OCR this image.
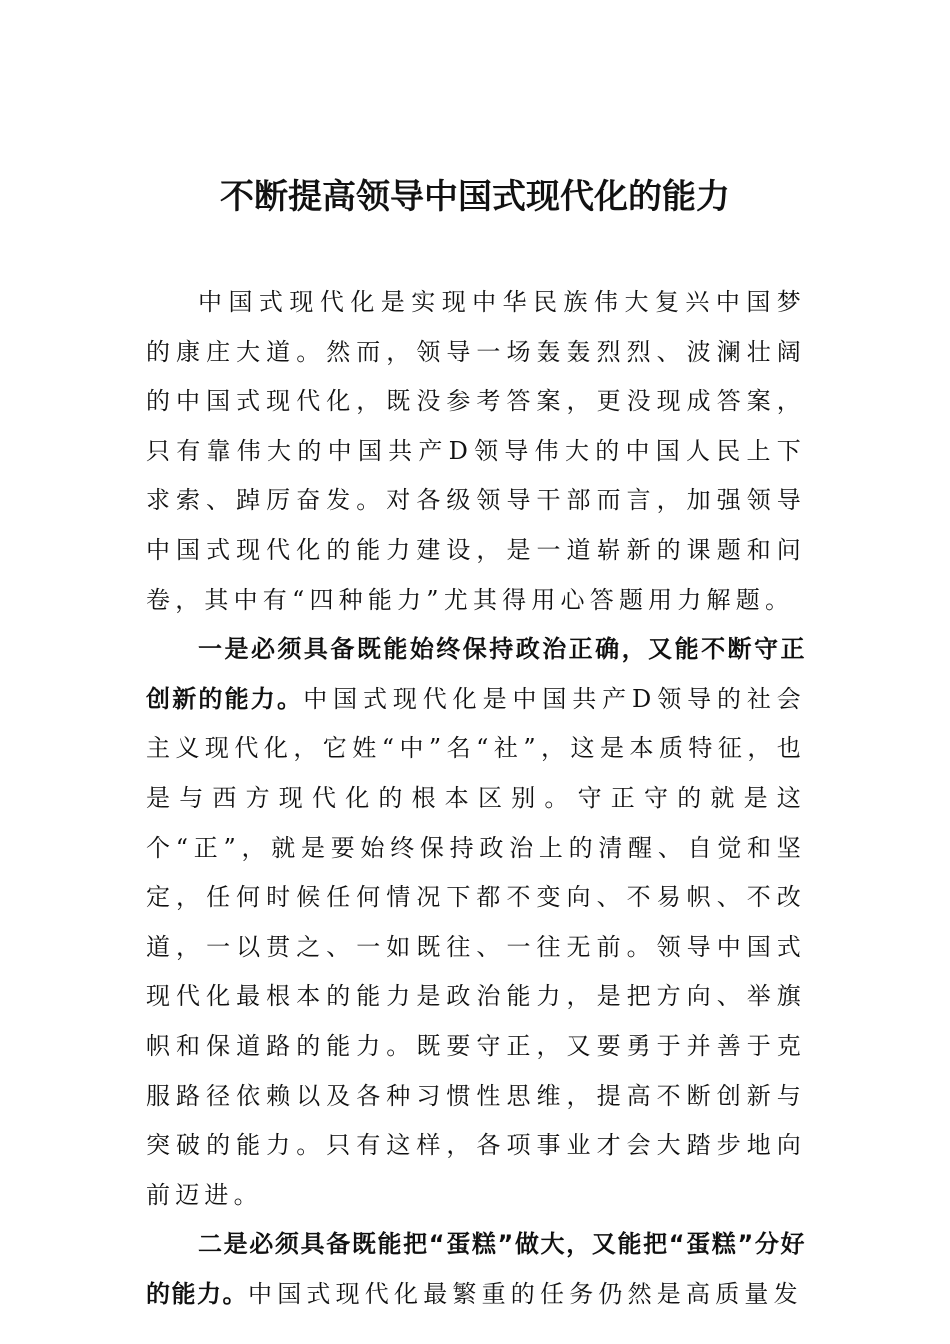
不断提高领导中国式现代化的能力

中国式现代化是实现中华民族伟大复兴中国梦的康庄大道。然而，领导一场轰轰烈烈、波澜壮阔的中国式现代化，既没参考答案，更没现成答案，只有靠伟大的中国共产D领导伟大的中国人民上下求索、踔厉奋发。对各级领导干部而言，加强领导中国式现代化的能力建设，是一道崭新的课题和问卷，其中有“四种能力”尤其得用心答题用力解题。

一是必须具备既能始终保持政治正确，又能不断守正创新的能力。中国式现代化是中国共产D领导的社会主义现代化，它姓“中”名“社”，这是本质特征，也是与西方现代化的根本区别。守正守的就是这个“正”，就是要始终保持政治上的清醒、自觉和坚定，任何时候任何情况下都不变向、不易帜、不改道，一以贯之、一如既往、一往无前。领导中国式现代化最根本的能力是政治能力，是把方向、举旗帜和保道路的能力。既要守正，又要勇于并善于克服路径依赖以及各种习惯性思维，提高不断创新与突破的能力。只有这样，各项事业才会大踏步地向前迈进。

二是必须具备既能把“蛋糕”做大，又能把“蛋糕”分好的能力。中国式现代化最繁重的任务仍然是高质量发
